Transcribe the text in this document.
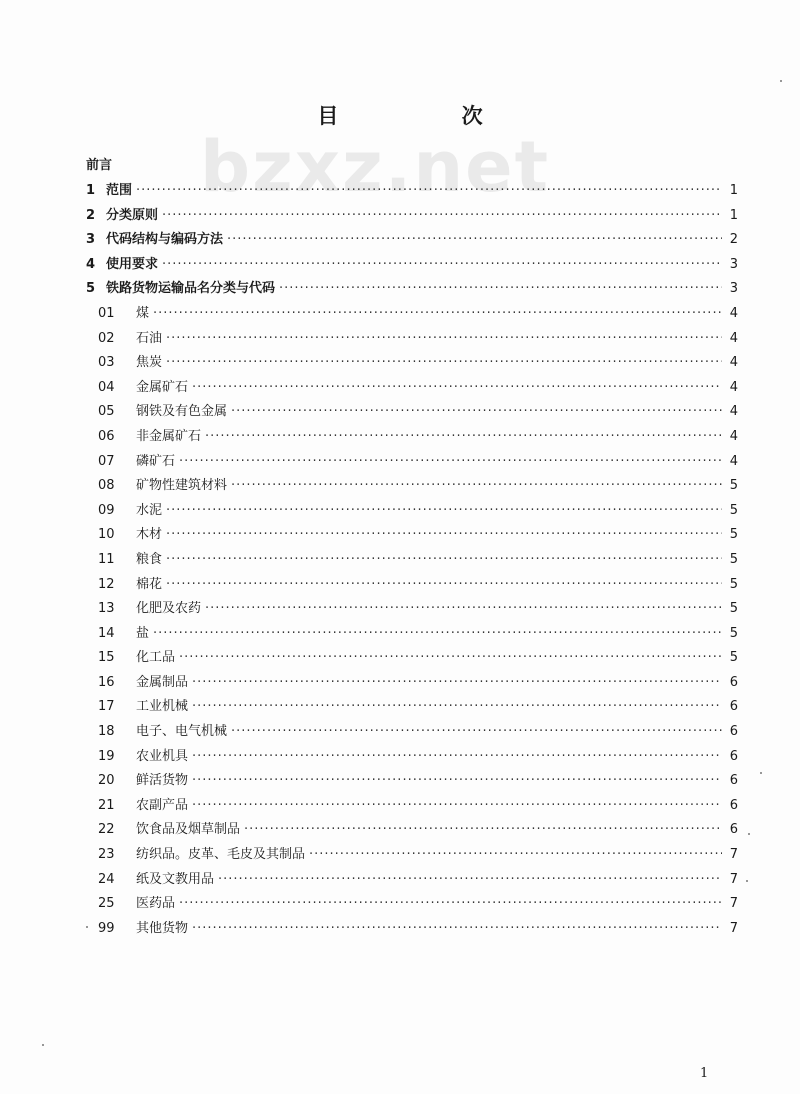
目 次
bzxz.net
前言
1 范围 ·····	1
2 分类原则 ·····	1
3 代码结构与编码方法 ·····	2
4 使用要求 ·····	3
5 铁路货物运输品名分类与代码 ·····	3
01	煤 ·····	4
02	石油 ·····	4
03	焦炭 ·····	4
04	金属矿石 ·····	4
05	钢铁及有色金属 ·····	4
06	非金属矿石 ·····	4
07	磷矿石 ·····	4
08	矿物性建筑材料 ·····	5
09	水泥 ·····	5
10	木材 ·····	5
11	粮食 ·····	5
12	棉花 ·····	5
13	化肥及农药 ·····	5
14	盐 ·····	5
15	化工品 ·····	5
16	金属制品 ·····	6
17	工业机械 ·····	6
18	电子、电气机械 ·····	6
19	农业机具 ·····	6
20	鲜活货物 ·····	6
21	农副产品 ·····	6
22	饮食品及烟草制品 ·····	6
23	纺织品。皮革、毛皮及其制品 ·····	7
24	纸及文教用品 ·····	7
25	医药品 ·····	7
99	其他货物 ·····	7
1
